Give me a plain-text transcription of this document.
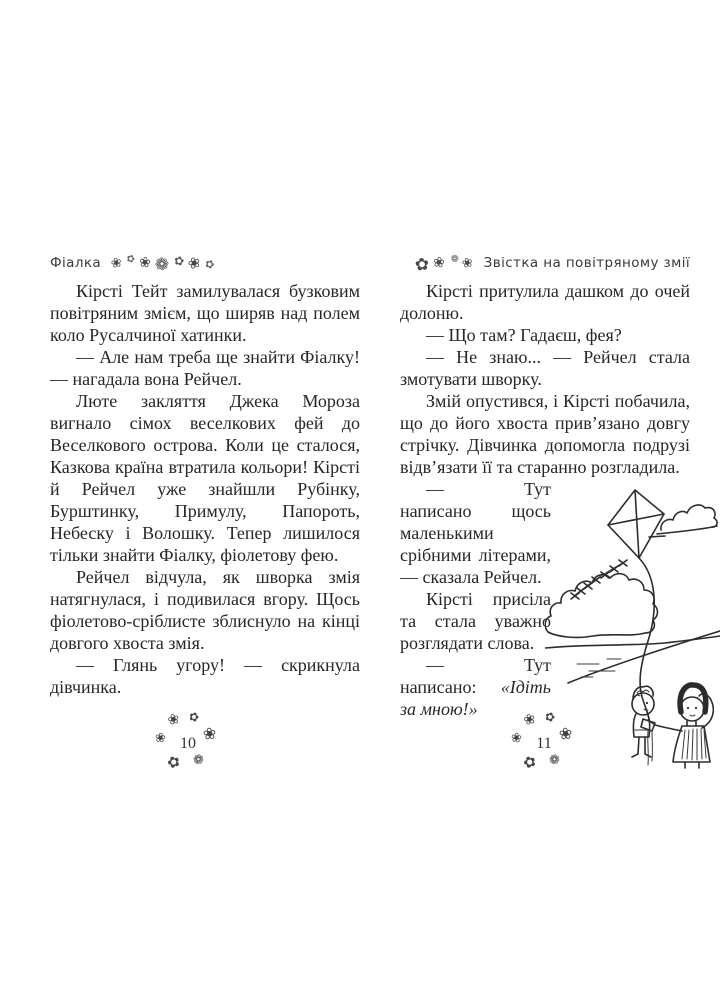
Фіалка ❀ ✿ ❀ ❁ ✿ ❀ ✿

Кірсті Тейт замилувалася бузковим повітряним змієм, що ширяв над полем коло Русалчиної хатинки.

— Але нам треба ще знайти Фіалку! — нагадала вона Рейчел.

Люте закляття Джека Мороза вигнало сімох веселкових фей до Веселкового острова. Коли це сталося, Казкова країна втратила кольори! Кірсті й Рейчел уже знайшли Рубінку, Бурштинку, Примулу, Папороть, Небеску і Волошку. Тепер лишилося тільки знайти Фіалку, фіолетову фею.

Рейчел відчула, як шворка змія натягнулася, і подивилася вгору. Щось фіолетово-сріблисте зблиснуло на кінці довгого хвоста змія.

— Глянь угору! — скрикнула дівчинка.

✿ ❀ ❁ ❀ Звістка на повітряному змії

Кірсті притулила дашком до очей долоню.

— Що там? Гадаєш, фея?

— Не знаю... — Рейчел стала змотувати шворку.

Змій опустився, і Кірсті побачила, що до його хвоста прив’язано довгу стрічку. Дівчинка допомогла подрузі відв’язати її та старанно розгладила.

— Тут написано щось маленькими срібними літерами, — сказала Рейчел.

Кірсті присіла та стала уважно розглядати слова.

— Тут написано: «Ідіть за мною!»

❀ ✿
❀
❁
✿
❀ 10
❀ ✿
❀
❁
✿
❀ 11
